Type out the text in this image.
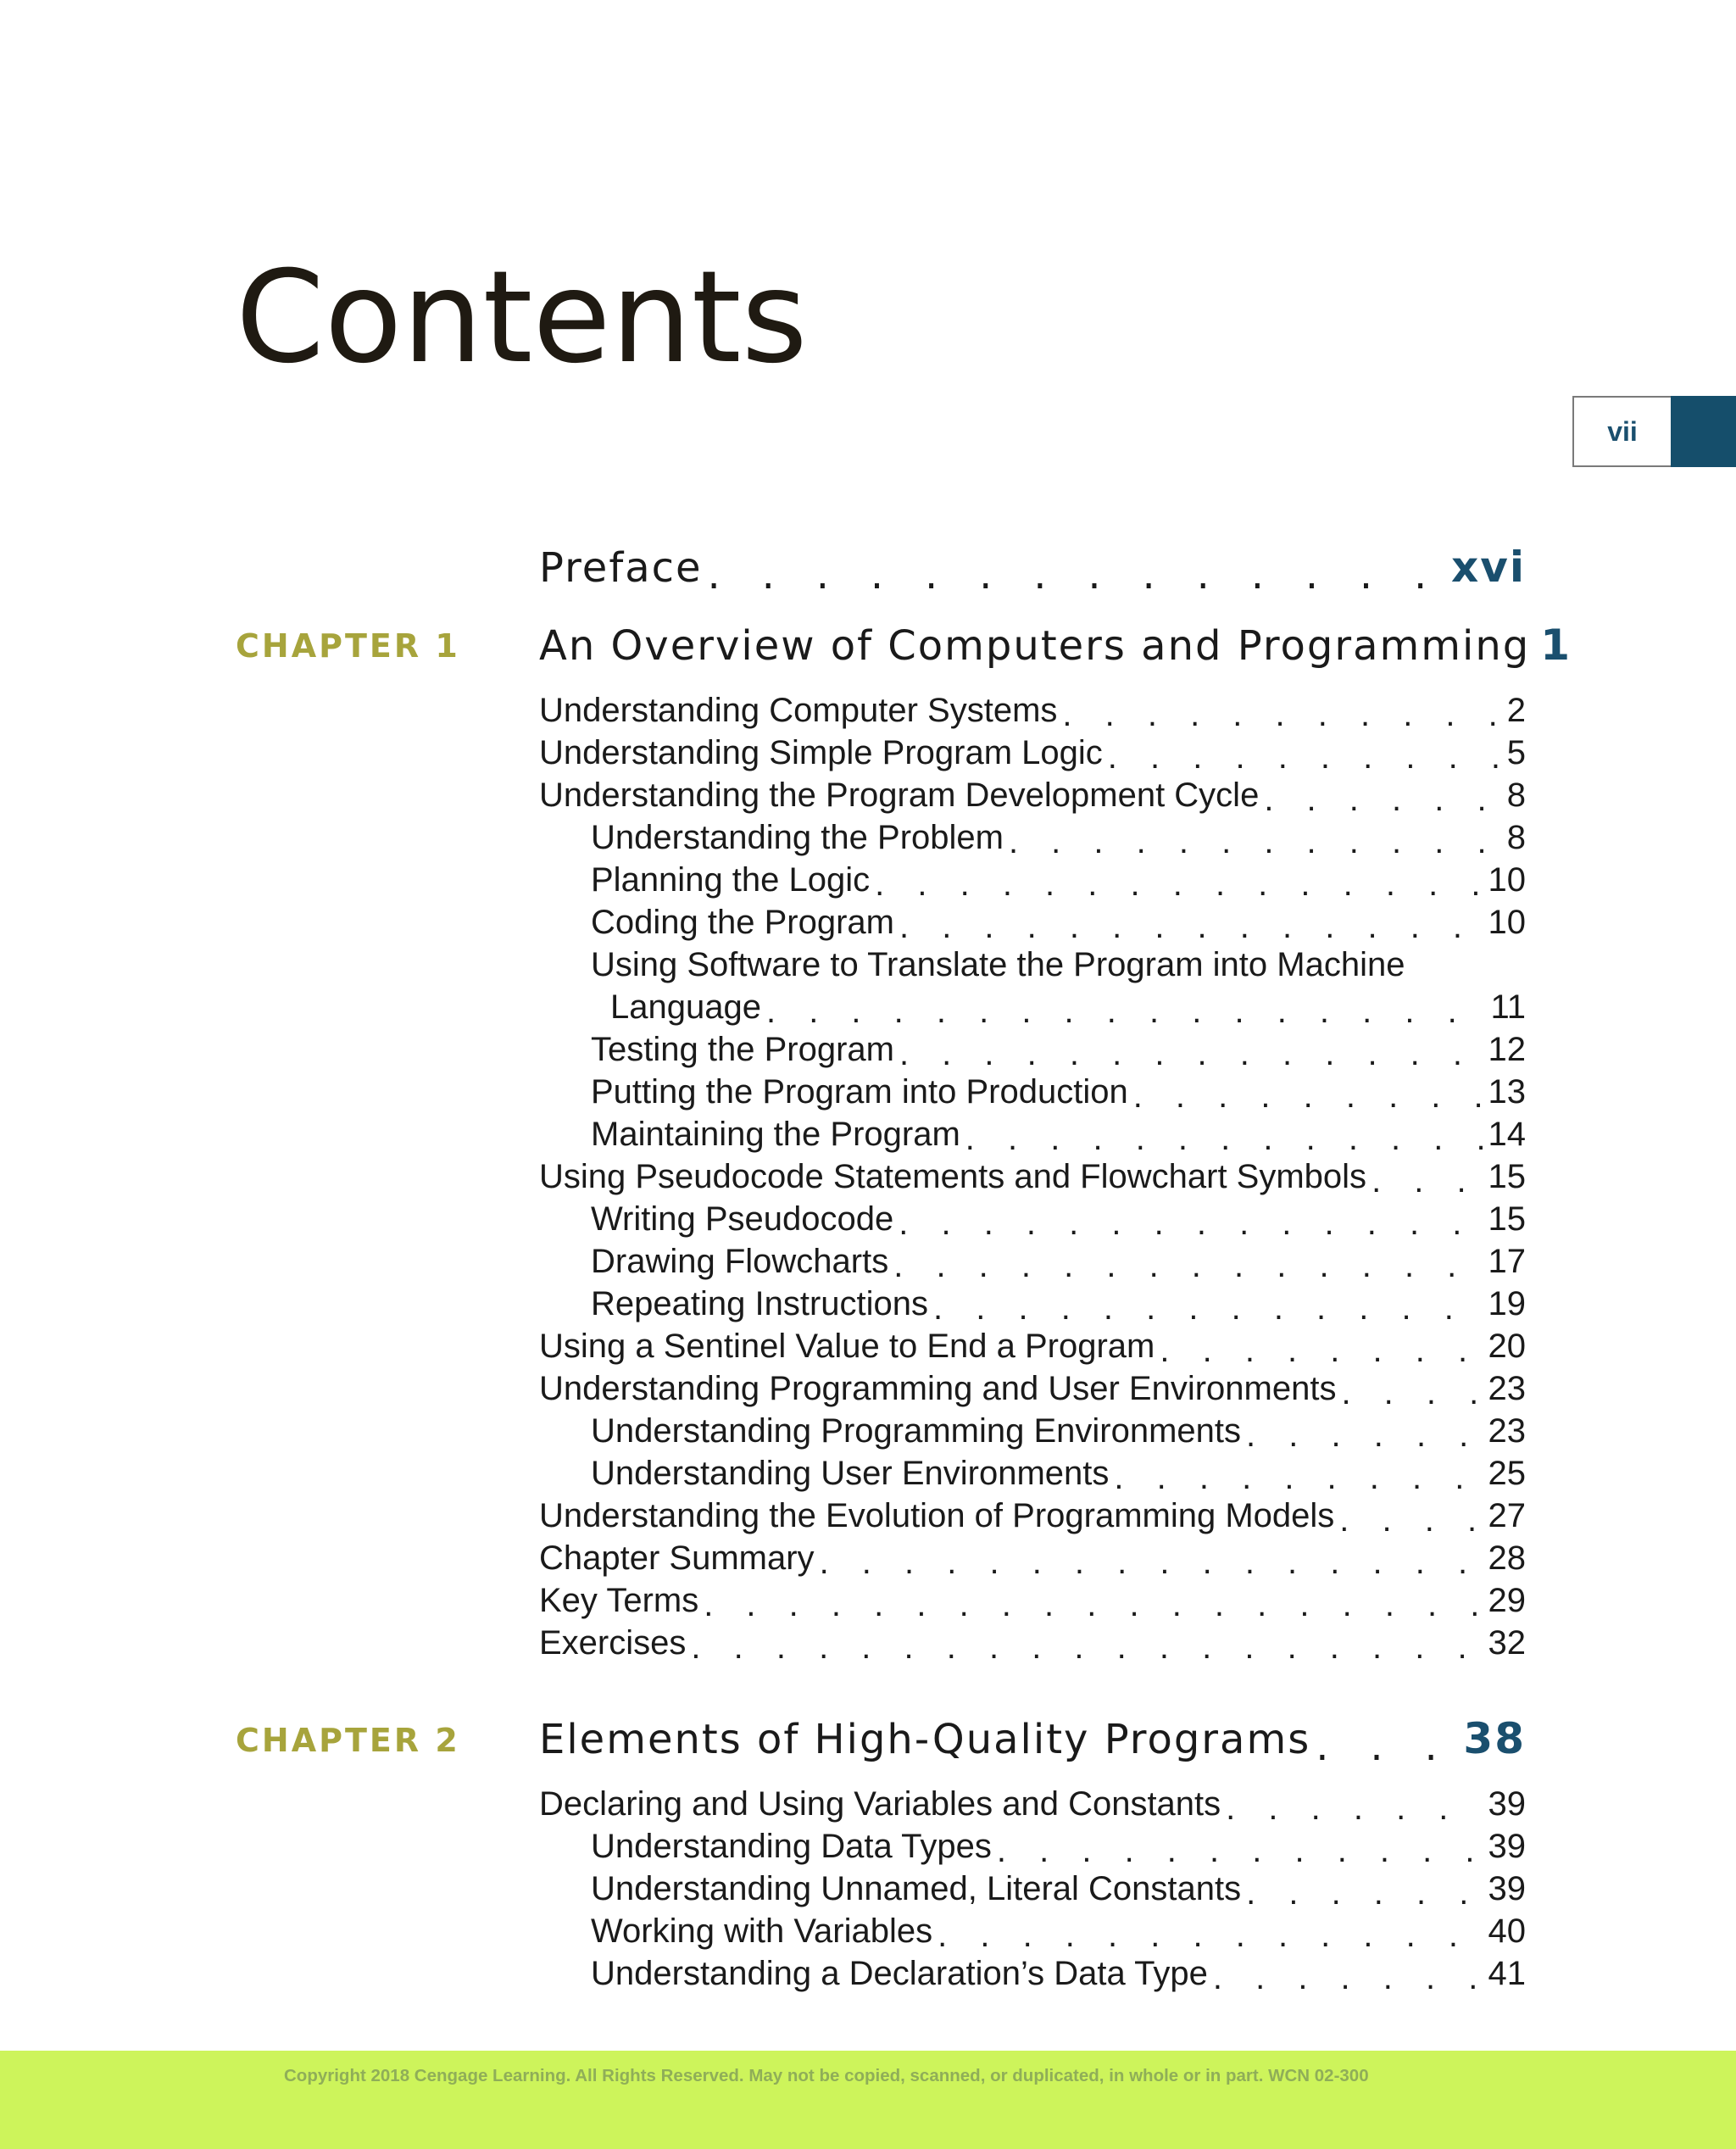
Contents
vii
Preface . . .	xvi
CHAPTER 1 An Overview of Computers and Programming 1
Understanding Computer Systems . . .	2
Understanding Simple Program Logic . . .	5
Understanding the Program Development Cycle . . .	8
Understanding the Problem . . .	8
Planning the Logic . . .	10
Coding the Program . . .	10
Using Software to Translate the Program into Machine
Language . . .	11
Testing the Program . . .	12
Putting the Program into Production . . .	13
Maintaining the Program . . .	14
Using Pseudocode Statements and Flowchart Symbols . . .	15
Writing Pseudocode . . .	15
Drawing Flowcharts . . .	17
Repeating Instructions . . .	19
Using a Sentinel Value to End a Program . . .	20
Understanding Programming and User Environments . . .	23
Understanding Programming Environments . . .	23
Understanding User Environments . . .	25
Understanding the Evolution of Programming Models . . .	27
Chapter Summary . . .	28
Key Terms . . .	29
Exercises . . .	32
CHAPTER 2 Elements of High-Quality Programs . . .	38
Declaring and Using Variables and Constants . . .	39
Understanding Data Types . . .	39
Understanding Unnamed, Literal Constants . . .	39
Working with Variables . . .	40
Understanding a Declaration’s Data Type . . .	41
Copyright 2018 Cengage Learning. All Rights Reserved. May not be copied, scanned, or duplicated, in whole or in part. WCN 02-300
